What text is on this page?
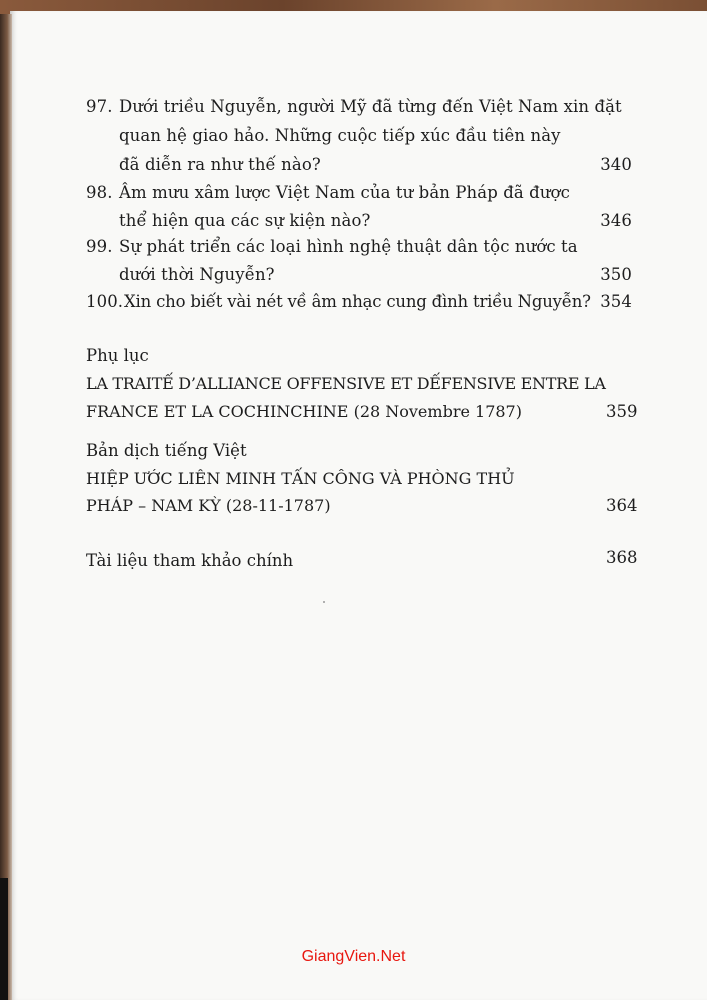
97. Dưới triều Nguyễn, người Mỹ đã từng đến Việt Nam xin đặt
quan hệ giao hảo. Những cuộc tiếp xúc đầu tiên này
đã diễn ra như thế nào?	340
98. Âm mưu xâm lược Việt Nam của tư bản Pháp đã được
thể hiện qua các sự kiện nào?	346
99. Sự phát triển các loại hình nghệ thuật dân tộc nước ta
dưới thời Nguyễn?	350
100. Xin cho biết vài nét về âm nhạc cung đình triều Nguyễn? 354
Phụ lục
LA TRAITẾ D’ALLIANCE OFFENSIVE ET DẾFENSIVE ENTRE LA
FRANCE ET LA COCHINCHINE (28 Novembre 1787)	359
Bản dịch tiếng Việt
HIỆP ƯỚC LIÊN MINH TẤN CÔNG VÀ PHÒNG THỦ
PHÁP – NAM KỲ (28-11-1787)	364
Tài liệu tham khảo chính	368
GiangVien.Net
